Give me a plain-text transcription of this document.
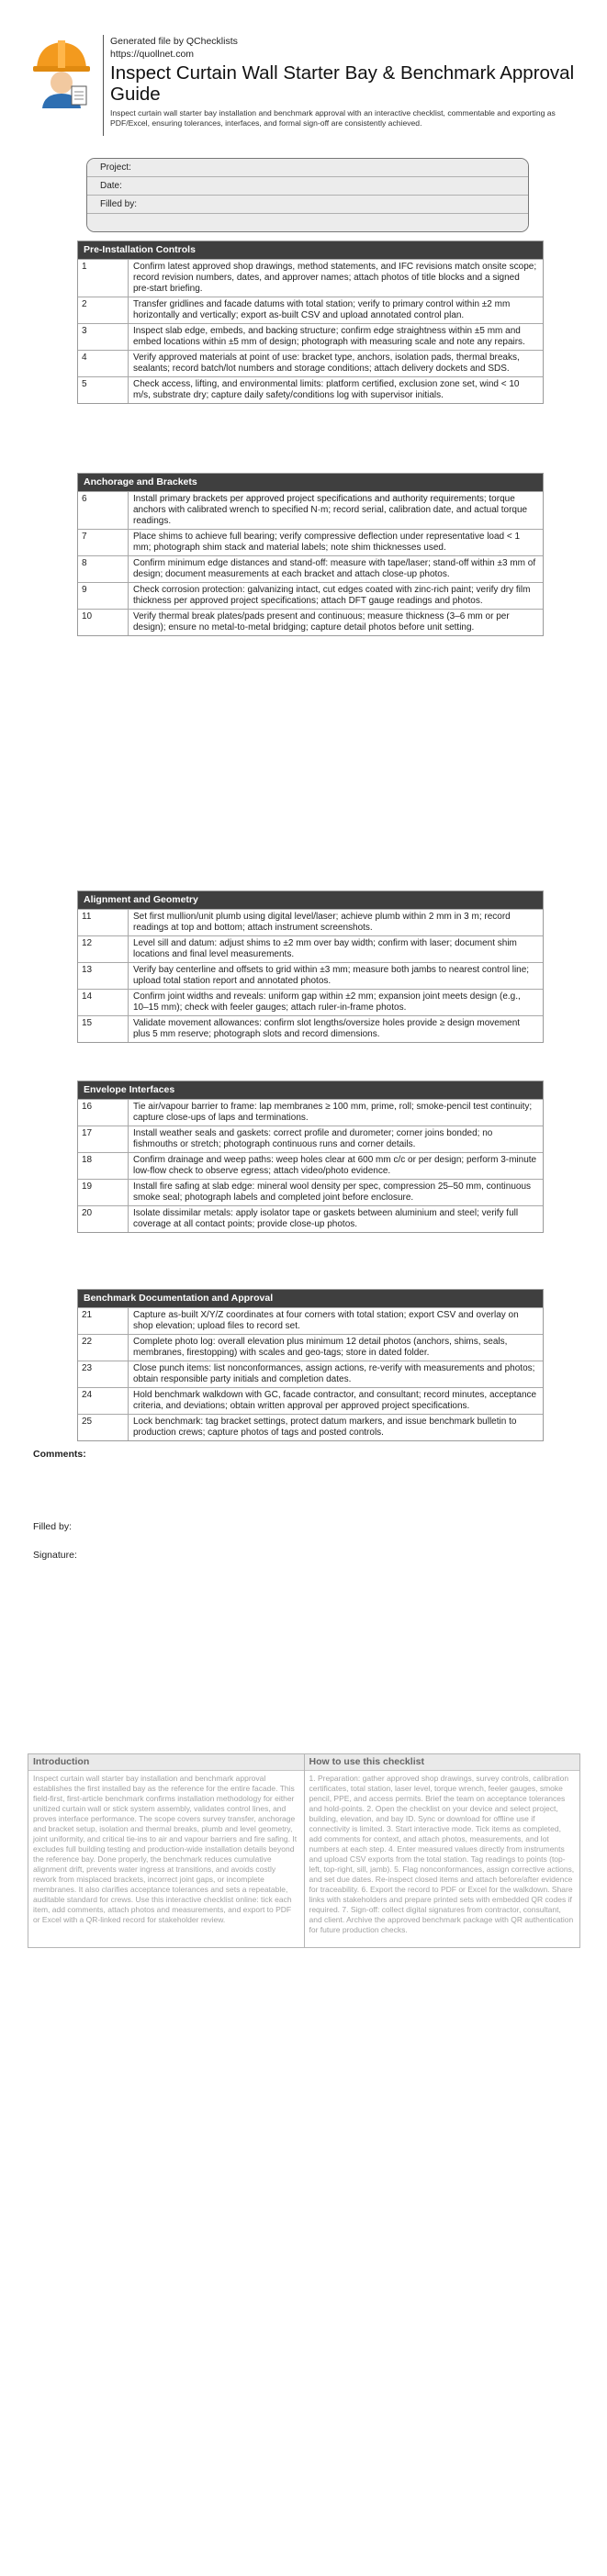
Generated file by QChecklists
https://quollnet.com
Inspect Curtain Wall Starter Bay & Benchmark Approval Guide
Inspect curtain wall starter bay installation and benchmark approval with an interactive checklist, commentable and exporting as PDF/Excel, ensuring tolerances, interfaces, and formal sign-off are consistently achieved.
Project:
Date:
Filled by:
Pre-Installation Controls
1	Confirm latest approved shop drawings, method statements, and IFC revisions match onsite scope; record revision numbers, dates, and approver names; attach photos of title blocks and a signed pre-start briefing.
2	Transfer gridlines and facade datums with total station; verify to primary control within ±2 mm horizontally and vertically; export as-built CSV and upload annotated control plan.
3	Inspect slab edge, embeds, and backing structure; confirm edge straightness within ±5 mm and embed locations within ±5 mm of design; photograph with measuring scale and note any repairs.
4	Verify approved materials at point of use: bracket type, anchors, isolation pads, thermal breaks, sealants; record batch/lot numbers and storage conditions; attach delivery dockets and SDS.
5	Check access, lifting, and environmental limits: platform certified, exclusion zone set, wind < 10 m/s, substrate dry; capture daily safety/conditions log with supervisor initials.
Anchorage and Brackets
6	Install primary brackets per approved project specifications and authority requirements; torque anchors with calibrated wrench to specified N·m; record serial, calibration date, and actual torque readings.
7	Place shims to achieve full bearing; verify compressive deflection under representative load < 1 mm; photograph shim stack and material labels; note shim thicknesses used.
8	Confirm minimum edge distances and stand-off: measure with tape/laser; stand-off within ±3 mm of design; document measurements at each bracket and attach close-up photos.
9	Check corrosion protection: galvanizing intact, cut edges coated with zinc-rich paint; verify dry film thickness per approved project specifications; attach DFT gauge readings and photos.
10	Verify thermal break plates/pads present and continuous; measure thickness (3–6 mm or per design); ensure no metal-to-metal bridging; capture detail photos before unit setting.
Alignment and Geometry
11	Set first mullion/unit plumb using digital level/laser; achieve plumb within 2 mm in 3 m; record readings at top and bottom; attach instrument screenshots.
12	Level sill and datum: adjust shims to ±2 mm over bay width; confirm with laser; document shim locations and final level measurements.
13	Verify bay centerline and offsets to grid within ±3 mm; measure both jambs to nearest control line; upload total station report and annotated photos.
14	Confirm joint widths and reveals: uniform gap within ±2 mm; expansion joint meets design (e.g., 10–15 mm); check with feeler gauges; attach ruler-in-frame photos.
15	Validate movement allowances: confirm slot lengths/oversize holes provide ≥ design movement plus 5 mm reserve; photograph slots and record dimensions.
Envelope Interfaces
16	Tie air/vapour barrier to frame: lap membranes ≥ 100 mm, prime, roll; smoke-pencil test continuity; capture close-ups of laps and terminations.
17	Install weather seals and gaskets: correct profile and durometer; corner joins bonded; no fishmouths or stretch; photograph continuous runs and corner details.
18	Confirm drainage and weep paths: weep holes clear at 600 mm c/c or per design; perform 3-minute low-flow check to observe egress; attach video/photo evidence.
19	Install fire safing at slab edge: mineral wool density per spec, compression 25–50 mm, continuous smoke seal; photograph labels and completed joint before enclosure.
20	Isolate dissimilar metals: apply isolator tape or gaskets between aluminium and steel; verify full coverage at all contact points; provide close-up photos.
Benchmark Documentation and Approval
21	Capture as-built X/Y/Z coordinates at four corners with total station; export CSV and overlay on shop elevation; upload files to record set.
22	Complete photo log: overall elevation plus minimum 12 detail photos (anchors, shims, seals, membranes, firestopping) with scales and geo-tags; store in dated folder.
23	Close punch items: list nonconformances, assign actions, re-verify with measurements and photos; obtain responsible party initials and completion dates.
24	Hold benchmark walkdown with GC, facade contractor, and consultant; record minutes, acceptance criteria, and deviations; obtain written approval per approved project specifications.
25	Lock benchmark: tag bracket settings, protect datum markers, and issue benchmark bulletin to production crews; capture photos of tags and posted controls.
Comments:
Filled by:
Signature:
Introduction
Inspect curtain wall starter bay installation and benchmark approval establishes the first installed bay as the reference for the entire facade. This field-first, first-article benchmark confirms installation methodology for either unitized curtain wall or stick system assembly, validates control lines, and proves interface performance. The scope covers survey transfer, anchorage and bracket setup, isolation and thermal breaks, plumb and level geometry, joint uniformity, and critical tie-ins to air and vapour barriers and fire safing. It excludes full building testing and production-wide installation details beyond the reference bay. Done properly, the benchmark reduces cumulative alignment drift, prevents water ingress at transitions, and avoids costly rework from misplaced brackets, incorrect joint gaps, or incomplete membranes. It also clarifies acceptance tolerances and sets a repeatable, auditable standard for crews. Use this interactive checklist online: tick each item, add comments, attach photos and measurements, and export to PDF or Excel with a QR-linked record for stakeholder review.
How to use this checklist
1. Preparation: gather approved shop drawings, survey controls, calibration certificates, total station, laser level, torque wrench, feeler gauges, smoke pencil, PPE, and access permits. Brief the team on acceptance tolerances and hold-points. 2. Open the checklist on your device and select project, building, elevation, and bay ID. Sync or download for offline use if connectivity is limited. 3. Start interactive mode. Tick items as completed, add comments for context, and attach photos, measurements, and lot numbers at each step. 4. Enter measured values directly from instruments and upload CSV exports from the total station. Tag readings to points (top-left, top-right, sill, jamb). 5. Flag nonconformances, assign corrective actions, and set due dates. Re-inspect closed items and attach before/after evidence for traceability. 6. Export the record to PDF or Excel for the walkdown. Share links with stakeholders and prepare printed sets with embedded QR codes if required. 7. Sign-off: collect digital signatures from contractor, consultant, and client. Archive the approved benchmark package with QR authentication for future production checks.
